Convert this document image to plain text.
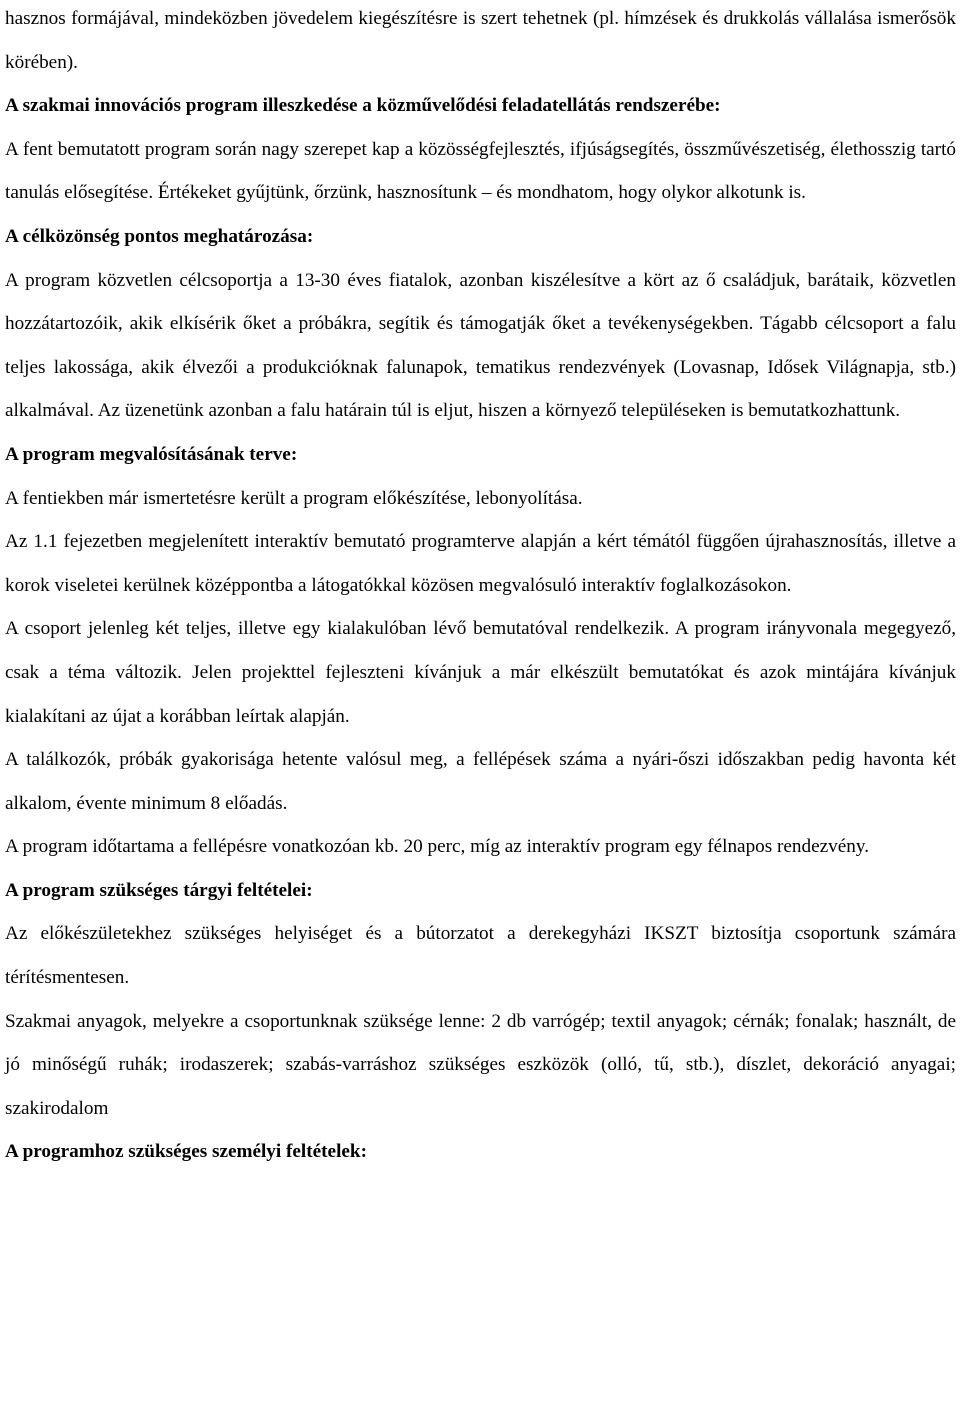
hasznos formájával, mindeközben jövedelem kiegészítésre is szert tehetnek (pl. hímzések és drukkolás vállalása ismerősök körében).

A szakmai innovációs program illeszkedése a közművelődési feladatellátás rendszerébe:

A fent bemutatott program során nagy szerepet kap a közösségfejlesztés, ifjúságsegítés, összművészetiség, élethosszig tartó tanulás elősegítése. Értékeket gyűjtünk, őrzünk, hasznosítunk – és mondhatom, hogy olykor alkotunk is.

A célközönség pontos meghatározása:

A program közvetlen célcsoportja a 13-30 éves fiatalok, azonban kiszélesítve a kört az ő családjuk, barátaik, közvetlen hozzátartozóik, akik elkísérik őket a próbákra, segítik és támogatják őket a tevékenységekben. Tágabb célcsoport a falu teljes lakossága, akik élvezői a produkcióknak falunapok, tematikus rendezvények (Lovasnap, Idősek Világnapja, stb.) alkalmával. Az üzenetünk azonban a falu határain túl is eljut, hiszen a környező településeken is bemutatkozhattunk.

A program megvalósításának terve:

A fentiekben már ismertetésre került a program előkészítése, lebonyolítása.

Az 1.1 fejezetben megjelenített interaktív bemutató programterve alapján a kért témától függően újrahasznosítás, illetve a korok viseletei kerülnek középpontba a látogatókkal közösen megvalósuló interaktív foglalkozásokon.

A csoport jelenleg két teljes, illetve egy kialakulóban lévő bemutatóval rendelkezik. A program irányvonala megegyező, csak a téma változik. Jelen projekttel fejleszteni kívánjuk a már elkészült bemutatókat és azok mintájára kívánjuk kialakítani az újat a korábban leírtak alapján.

A találkozók, próbák gyakorisága hetente valósul meg, a fellépések száma a nyári-őszi időszakban pedig havonta két alkalom, évente minimum 8 előadás.

A program időtartama a fellépésre vonatkozóan kb. 20 perc, míg az interaktív program egy félnapos rendezvény.

A program szükséges tárgyi feltételei:

Az előkészületekhez szükséges helyiséget és a bútorzatot a derekegyházi IKSZT biztosítja csoportunk számára térítésmentesen.

Szakmai anyagok, melyekre a csoportunknak szüksége lenne: 2 db varrógép; textil anyagok; cérnák; fonalak; használt, de jó minőségű ruhák; irodaszerek; szabás-varráshoz szükséges eszközök (olló, tű, stb.), díszlet, dekoráció anyagai; szakirodalom

A programhoz szükséges személyi feltételek:
